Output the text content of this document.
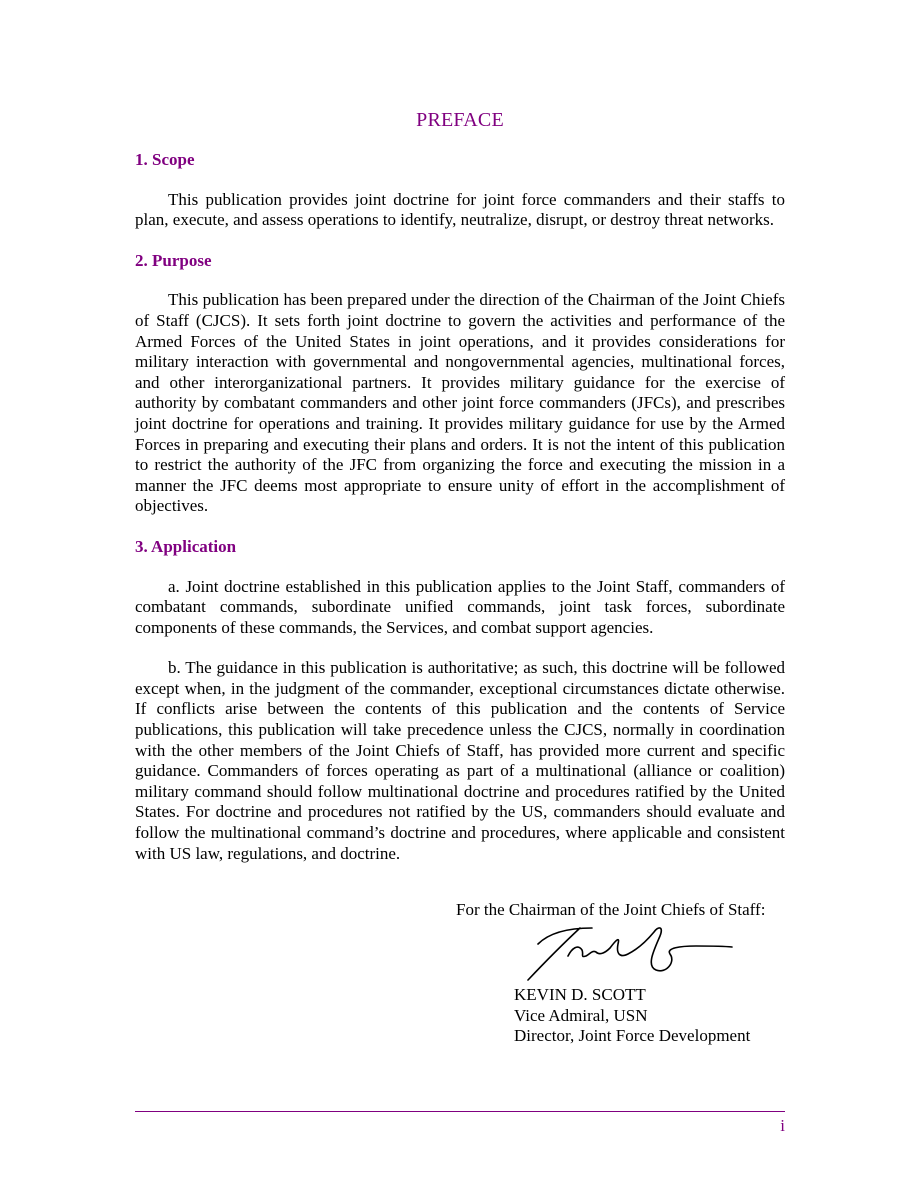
PREFACE

1. Scope

This publication provides joint doctrine for joint force commanders and their staffs to plan, execute, and assess operations to identify, neutralize, disrupt, or destroy threat networks.

2. Purpose

This publication has been prepared under the direction of the Chairman of the Joint Chiefs of Staff (CJCS). It sets forth joint doctrine to govern the activities and performance of the Armed Forces of the United States in joint operations, and it provides considerations for military interaction with governmental and nongovernmental agencies, multinational forces, and other interorganizational partners. It provides military guidance for the exercise of authority by combatant commanders and other joint force commanders (JFCs), and prescribes joint doctrine for operations and training. It provides military guidance for use by the Armed Forces in preparing and executing their plans and orders. It is not the intent of this publication to restrict the authority of the JFC from organizing the force and executing the mission in a manner the JFC deems most appropriate to ensure unity of effort in the accomplishment of objectives.

3. Application

a. Joint doctrine established in this publication applies to the Joint Staff, commanders of combatant commands, subordinate unified commands, joint task forces, subordinate components of these commands, the Services, and combat support agencies.

b. The guidance in this publication is authoritative; as such, this doctrine will be followed except when, in the judgment of the commander, exceptional circumstances dictate otherwise. If conflicts arise between the contents of this publication and the contents of Service publications, this publication will take precedence unless the CJCS, normally in coordination with the other members of the Joint Chiefs of Staff, has provided more current and specific guidance. Commanders of forces operating as part of a multinational (alliance or coalition) military command should follow multinational doctrine and procedures ratified by the United States. For doctrine and procedures not ratified by the US, commanders should evaluate and follow the multinational command’s doctrine and procedures, where applicable and consistent with US law, regulations, and doctrine.

For the Chairman of the Joint Chiefs of Staff:
KEVIN D. SCOTT
Vice Admiral, USN
Director, Joint Force Development
i
